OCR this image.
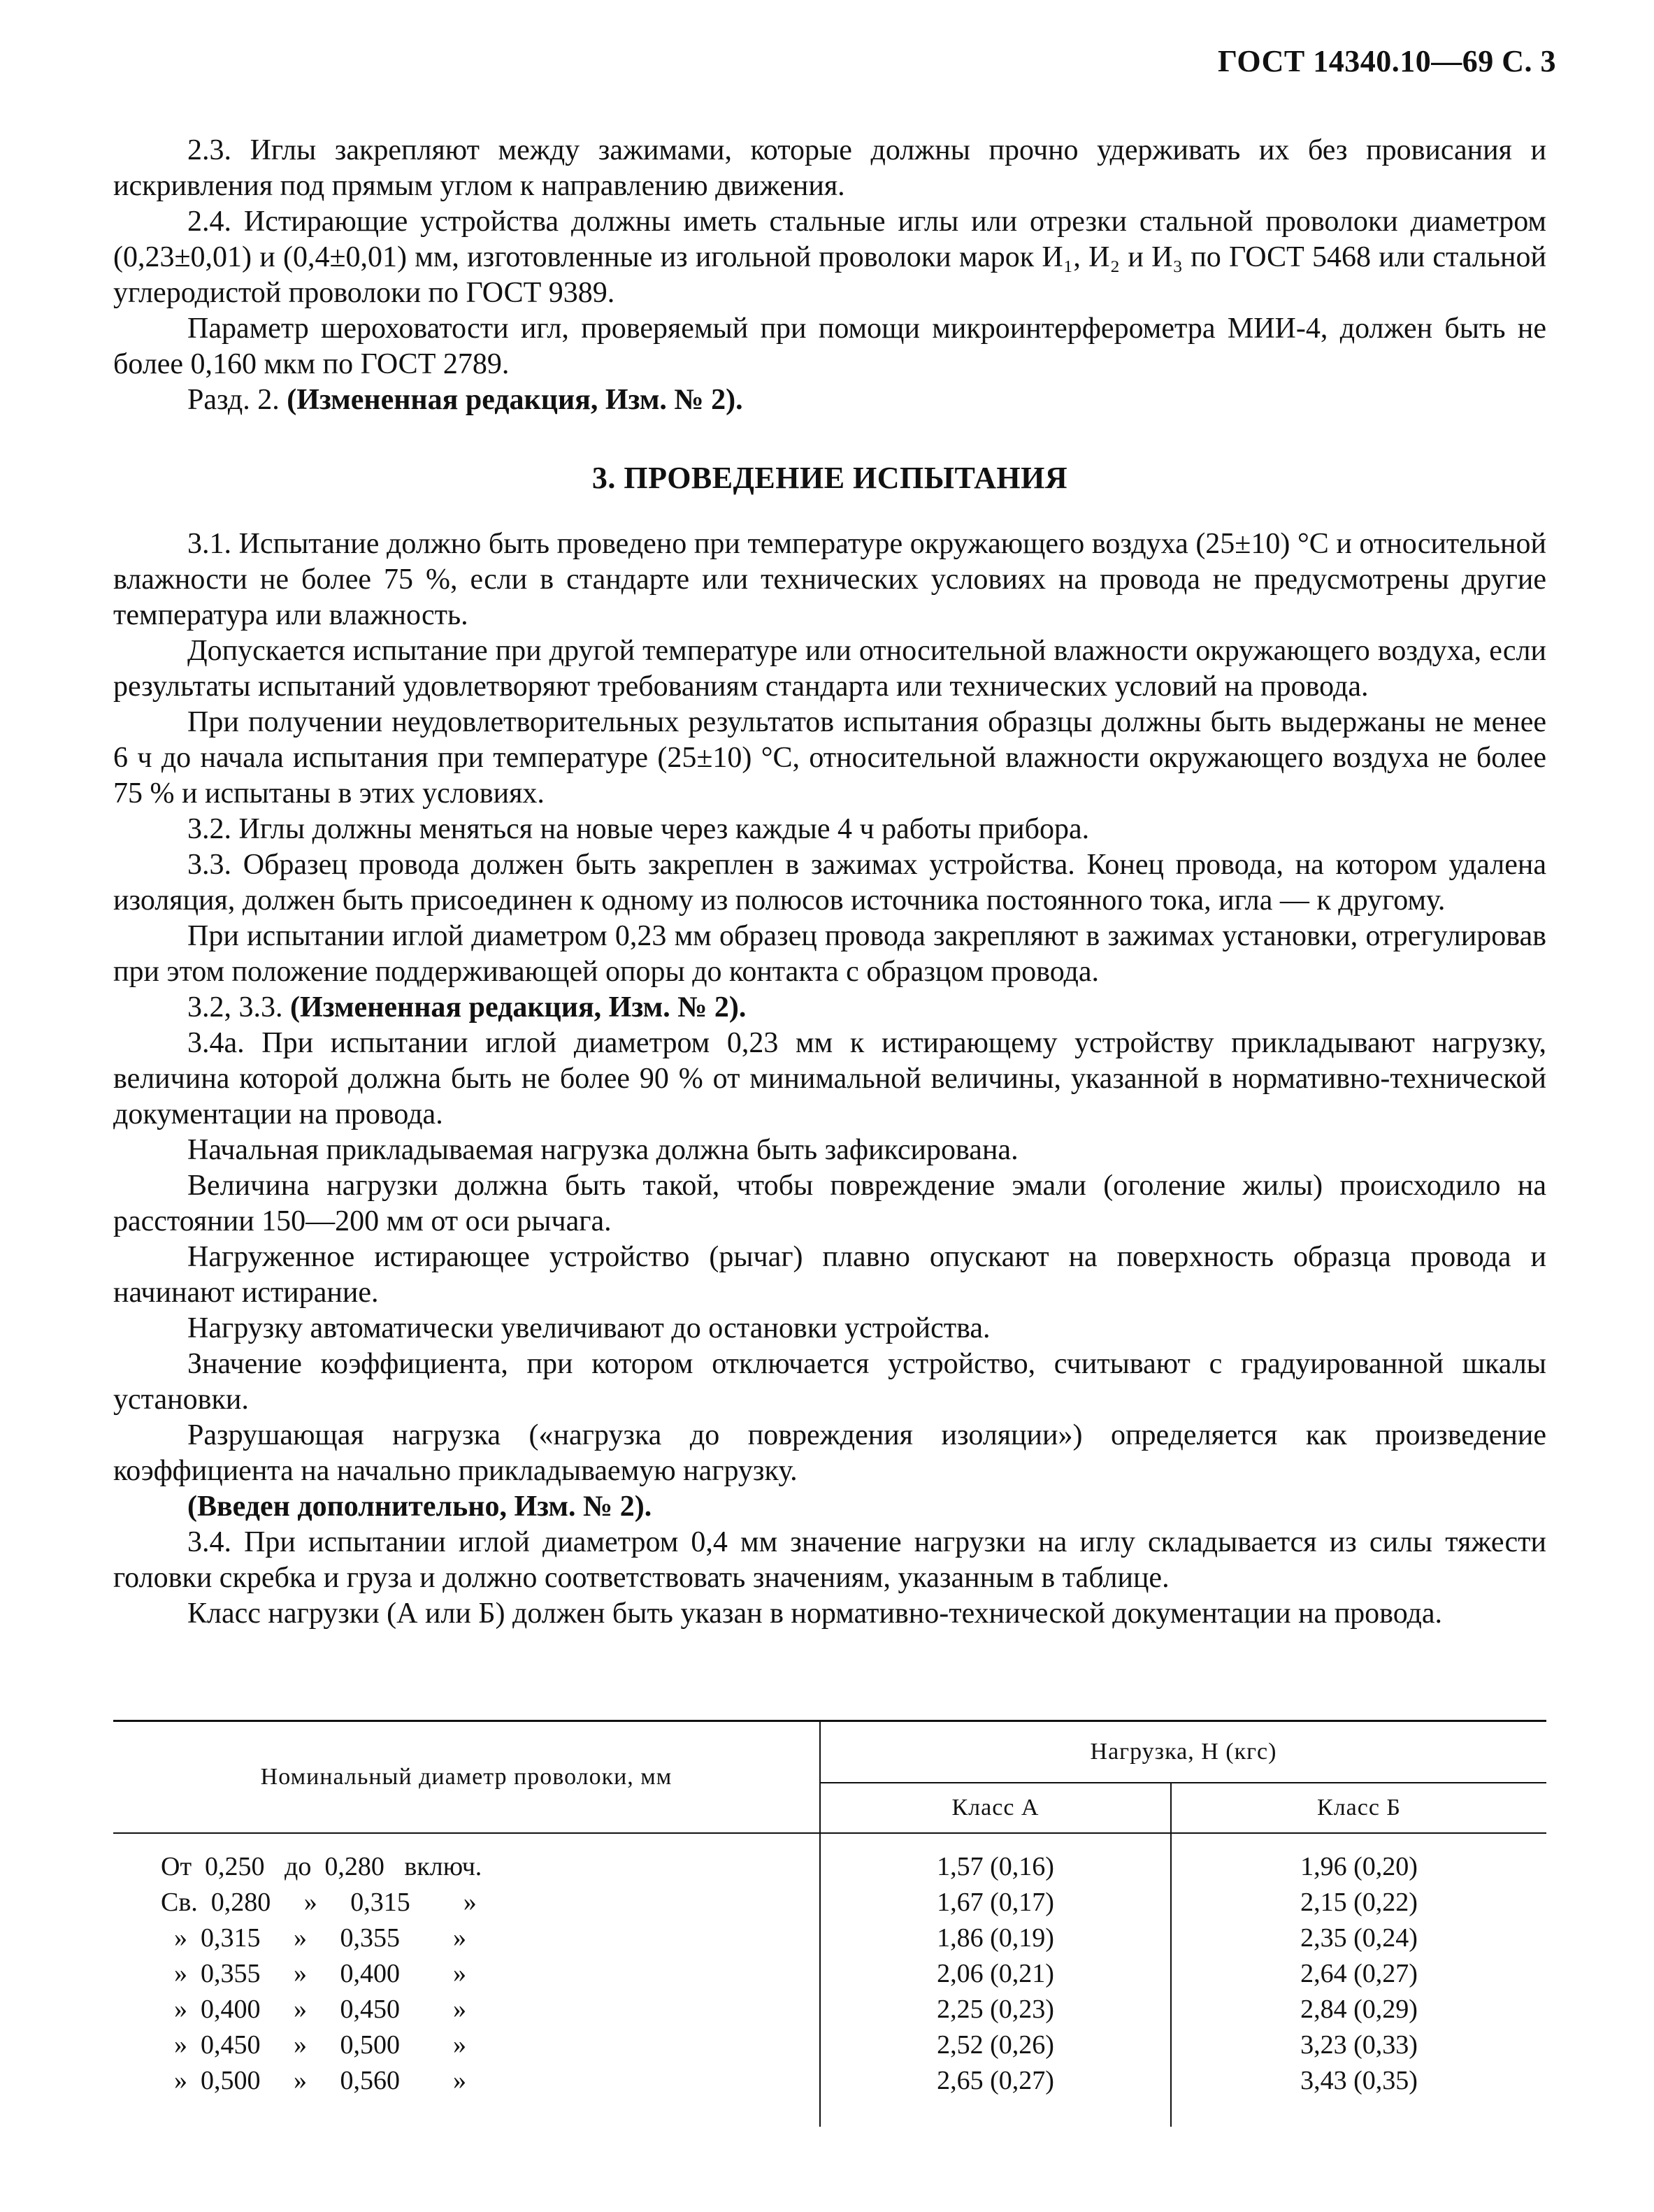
ГОСТ 14340.10—69 С. 3

2.3. Иглы закрепляют между зажимами, которые должны прочно удерживать их без провисания и искривления под прямым углом к направлению движения.

2.4. Истирающие устройства должны иметь стальные иглы или отрезки стальной проволоки диаметром (0,23±0,01) и (0,4±0,01) мм, изготовленные из игольной проволоки марок И₁, И₂ и И₃ по ГОСТ 5468 или стальной углеродистой проволоки по ГОСТ 9389.

Параметр шероховатости игл, проверяемый при помощи микроинтерферометра МИИ-4, должен быть не более 0,160 мкм по ГОСТ 2789.

Разд. 2. (Измененная редакция, Изм. № 2).

3. ПРОВЕДЕНИЕ ИСПЫТАНИЯ

3.1. Испытание должно быть проведено при температуре окружающего воздуха (25±10) °С и относительной влажности не более 75 %, если в стандарте или технических условиях на провода не предусмотрены другие температура или влажность.

Допускается испытание при другой температуре или относительной влажности окружающего воздуха, если результаты испытаний удовлетворяют требованиям стандарта или технических условий на провода.

При получении неудовлетворительных результатов испытания образцы должны быть выдержаны не менее 6 ч до начала испытания при температуре (25±10) °С, относительной влажности окружающего воздуха не более 75 % и испытаны в этих условиях.

3.2. Иглы должны меняться на новые через каждые 4 ч работы прибора.

3.3. Образец провода должен быть закреплен в зажимах устройства. Конец провода, на котором удалена изоляция, должен быть присоединен к одному из полюсов источника постоянного тока, игла — к другому.

При испытании иглой диаметром 0,23 мм образец провода закрепляют в зажимах установки, отрегулировав при этом положение поддерживающей опоры до контакта с образцом провода.

3.2, 3.3. (Измененная редакция, Изм. № 2).

3.4а. При испытании иглой диаметром 0,23 мм к истирающему устройству прикладывают нагрузку, величина которой должна быть не более 90 % от минимальной величины, указанной в нормативно-технической документации на провода.

Начальная прикладываемая нагрузка должна быть зафиксирована.

Величина нагрузки должна быть такой, чтобы повреждение эмали (оголение жилы) происходило на расстоянии 150—200 мм от оси рычага.

Нагруженное истирающее устройство (рычаг) плавно опускают на поверхность образца провода и начинают истирание.

Нагрузку автоматически увеличивают до остановки устройства.

Значение коэффициента, при котором отключается устройство, считывают с градуированной шкалы установки.

Разрушающая нагрузка («нагрузка до повреждения изоляции») определяется как произведение коэффициента на начально прикладываемую нагрузку.

(Введен дополнительно, Изм. № 2).

3.4. При испытании иглой диаметром 0,4 мм значение нагрузки на иглу складывается из силы тяжести головки скребка и груза и должно соответствовать значениям, указанным в таблице.

Класс нагрузки (А или Б) должен быть указан в нормативно-технической документации на провода.

Номинальный диаметр проволоки, мм	Нагрузка, Н (кгс)	
	Класс А	Класс Б
От  0,250   до  0,280   включ.	1,57 (0,16)	1,96 (0,20)
Св.  0,280     »     0,315        »	1,67 (0,17)	2,15 (0,22)
»  0,315     »     0,355        »	1,86 (0,19)	2,35 (0,24)
»  0,355     »     0,400        »	2,06 (0,21)	2,64 (0,27)
»  0,400     »     0,450        »	2,25 (0,23)	2,84 (0,29)
»  0,450     »     0,500        »	2,52 (0,26)	3,23 (0,33)
»  0,500     »     0,560        »	2,65 (0,27)	3,43 (0,35)
